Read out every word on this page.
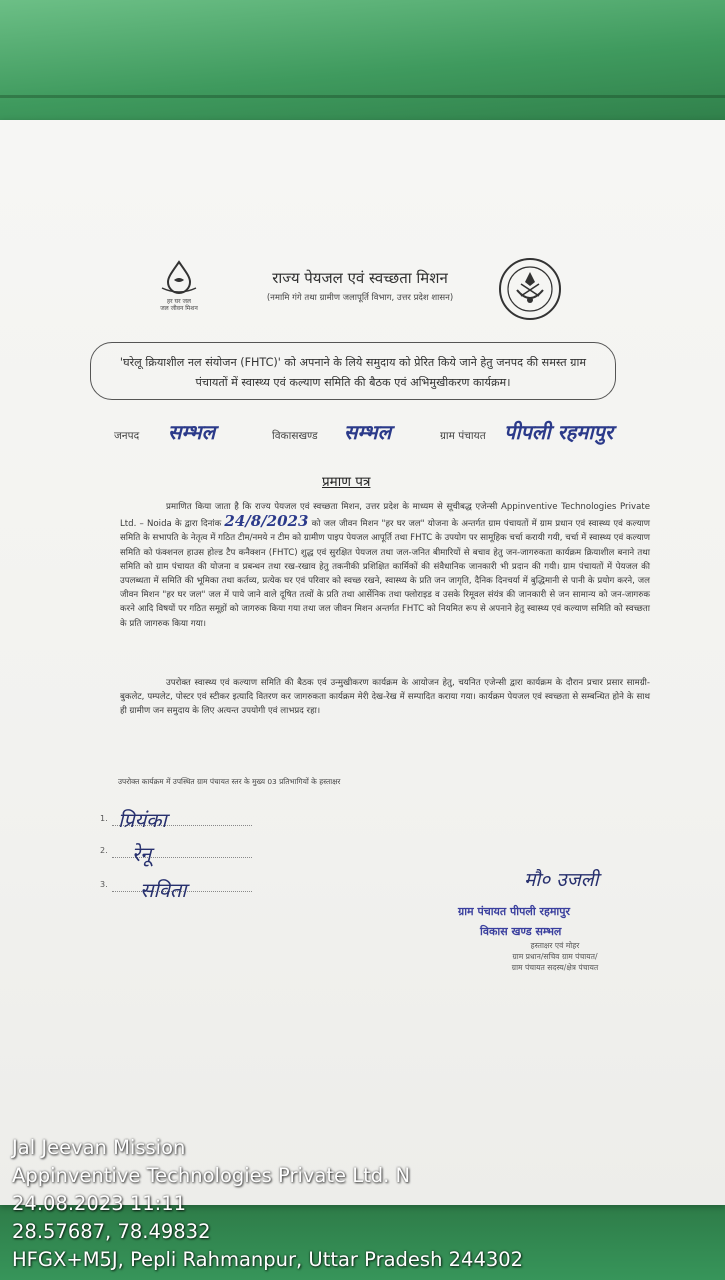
हर घर जल
जल जीवन मिशन
राज्य पेयजल एवं स्वच्छता मिशन
(नमामि गंगे तथा ग्रामीण जलापूर्ति विभाग, उत्तर प्रदेश शासन)
'घरेलू क्रियाशील नल संयोजन (FHTC)' को अपनाने के लिये समुदाय को प्रेरित किये जाने हेतु जनपद की समस्त ग्राम पंचायतों में स्वास्थ्य एवं कल्याण समिति की बैठक एवं अभिमुखीकरण कार्यक्रम।
जनपद सम्भल	विकासखण्ड सम्भल	ग्राम पंचायत पीपली रहमापुर
प्रमाण पत्र
प्रमाणित किया जाता है कि राज्य पेयजल एवं स्वच्छता मिशन, उत्तर प्रदेश के माध्यम से सूचीबद्ध एजेन्सी Appinventive Technologies Private Ltd. – Noida के द्वारा दिनांक 24/8/2023 को जल जीवन मिशन "हर घर जल" योजना के अन्तर्गत ग्राम पंचायतों में ग्राम प्रधान एवं स्वास्थ्य एवं कल्याण समिति के सभापति के नेतृत्व में गठित टीम/नमये न टीम को ग्रामीण पाइप पेयजल आपूर्ति तथा FHTC के उपयोग पर सामूहिक चर्चा करायी गयी, चर्चा में स्वास्थ्य एवं कल्याण समिति को फंक्शनल हाउस होल्ड टैप कनैक्शन (FHTC) शुद्ध एवं सुरक्षित पेयजल तथा जल-जनित बीमारियों से बचाव हेतु जन-जागरुकता कार्यक्रम क्रियाशील बनाने तथा समिति को ग्राम पंचायत की योजना व प्रबन्धन तथा रख-रखाव हेतु तकनीकी प्रशिक्षित कार्मिकों की संवैधानिक जानकारी भी प्रदान की गयी। ग्राम पंचायतों में पेयजल की उपलब्धता में समिति की भूमिका तथा कर्तव्य, प्रत्येक घर एवं परिवार को स्वच्छ रखने, स्वास्थ्य के प्रति जन जागृति, दैनिक दिनचर्या में बुद्धिमानी से पानी के प्रयोग करने, जल जीवन मिशन "हर घर जल" जल में पाये जाने वाले दूषित तत्वों के प्रति तथा आर्सेनिक तथा फ्लोराइड व उसके रिमूवल संयंत्र की जानकारी से जन सामान्य को जन-जागरुक करने आदि विषयों पर गठित समूहों को जागरुक किया गया तथा जल जीवन मिशन अन्तर्गत FHTC को नियमित रूप से अपनाने हेतु स्वास्थ्य एवं कल्याण समिति को स्वच्छता के प्रति जागरुक किया गया।
उपरोक्त स्वास्थ्य एवं कल्याण समिति की बैठक एवं उन्मुखीकरण कार्यक्रम के आयोजन हेतु, चयनित एजेन्सी द्वारा कार्यक्रम के दौरान प्रचार प्रसार सामग्री-बुकलेट, पम्पलेट, पोस्टर एवं स्टीकर इत्यादि वितरण कर जागरुकता कार्यक्रम मेरी देख-रेख में सम्पादित कराया गया। कार्यक्रम पेयजल एवं स्वच्छता से सम्बन्धित होने के साथ ही ग्रामीण जन समुदाय के लिए अत्यन्त उपयोगी एवं लाभप्रद रहा।
उपरोक्त कार्यक्रम में उपस्थित ग्राम पंचायत स्तर के मुख्य 03 प्रतिभागियों के हस्ताक्षर
1. प्रियंका
2. रेनू
3. सविता	मौ० उजली
ग्राम पंचायत पीपली रहमापुर
विकास खण्ड सम्भल
हस्ताक्षर एवं मोहर
ग्राम प्रधान/सचिव ग्राम पंचायत/
ग्राम पंचायत सदस्य/क्षेत्र पंचायत
Jal Jeevan Mission
Appinventive Technologies Private Ltd. N
24.08.2023 11:11
28.57687, 78.49832
HFGX+M5J, Pepli Rahmanpur, Uttar Pradesh 244302
